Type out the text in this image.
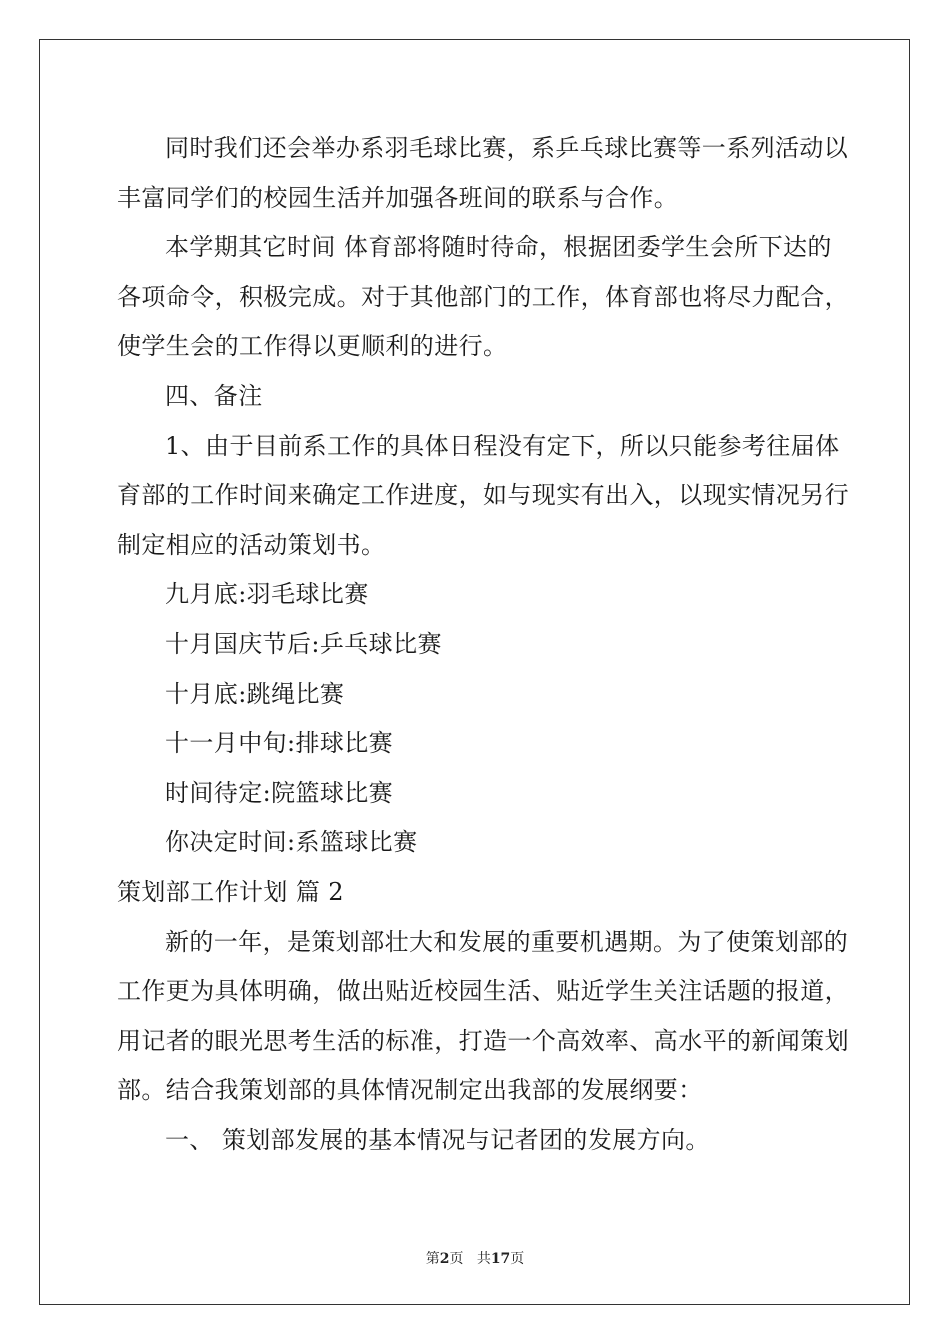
同时我们还会举办系羽毛球比赛，系乒乓球比赛等一系列活动以

丰富同学们的校园生活并加强各班间的联系与合作。

本学期其它时间 体育部将随时待命，根据团委学生会所下达的

各项命令，积极完成。对于其他部门的工作，体育部也将尽力配合，

使学生会的工作得以更顺利的进行。

四、备注

1、由于目前系工作的具体日程没有定下，所以只能参考往届体

育部的工作时间来确定工作进度，如与现实有出入，以现实情况另行

制定相应的活动策划书。

九月底:羽毛球比赛

十月国庆节后:乒乓球比赛

十月底:跳绳比赛

十一月中旬:排球比赛

时间待定:院篮球比赛

你决定时间:系篮球比赛

策划部工作计划 篇 2

新的一年，是策划部壮大和发展的重要机遇期。为了使策划部的

工作更为具体明确，做出贴近校园生活、贴近学生关注话题的报道，

用记者的眼光思考生活的标准，打造一个高效率、高水平的新闻策划

部。结合我策划部的具体情况制定出我部的发展纲要：

一、 策划部发展的基本情况与记者团的发展方向。

第2页 共17页
